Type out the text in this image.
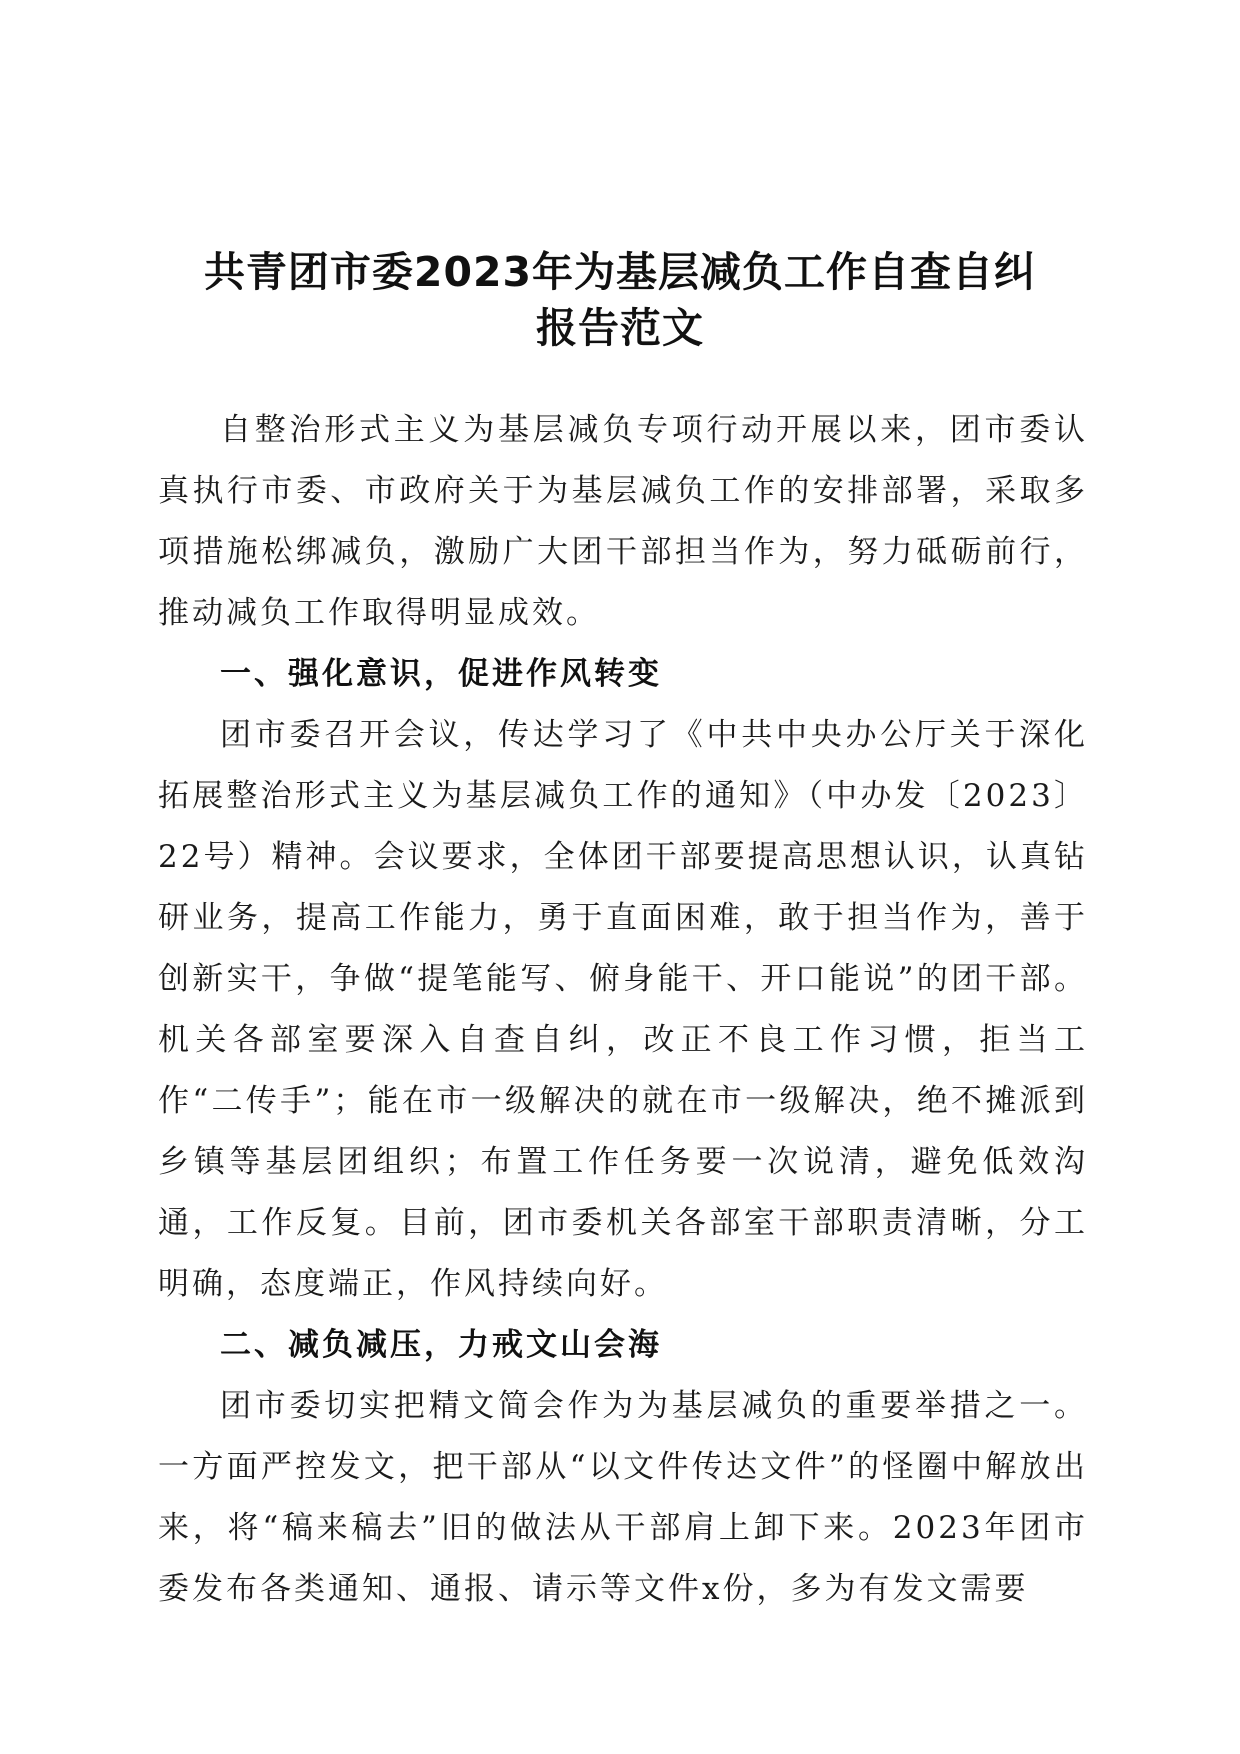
共青团市委2023年为基层减负工作自查自纠
报告范文

自整治形式主义为基层减负专项行动开展以来，团市委认真执行市委、市政府关于为基层减负工作的安排部署，采取多项措施松绑减负，激励广大团干部担当作为，努力砥砺前行，推动减负工作取得明显成效。

一、强化意识，促进作风转变

团市委召开会议，传达学习了《中共中央办公厅关于深化拓展整治形式主义为基层减负工作的通知》（中办发〔2023〕22号）精神。会议要求，全体团干部要提高思想认识，认真钻研业务，提高工作能力，勇于直面困难，敢于担当作为，善于创新实干，争做“提笔能写、俯身能干、开口能说”的团干部。机关各部室要深入自查自纠，改正不良工作习惯，拒当工作“二传手”；能在市一级解决的就在市一级解决，绝不摊派到乡镇等基层团组织；布置工作任务要一次说清，避免低效沟通，工作反复。目前，团市委机关各部室干部职责清晰，分工明确，态度端正，作风持续向好。

二、减负减压，力戒文山会海

团市委切实把精文简会作为为基层减负的重要举措之一。一方面严控发文，把干部从“以文件传达文件”的怪圈中解放出来，将“稿来稿去”旧的做法从干部肩上卸下来。2023年团市委发布各类通知、通报、请示等文件x份，多为有发文需要
